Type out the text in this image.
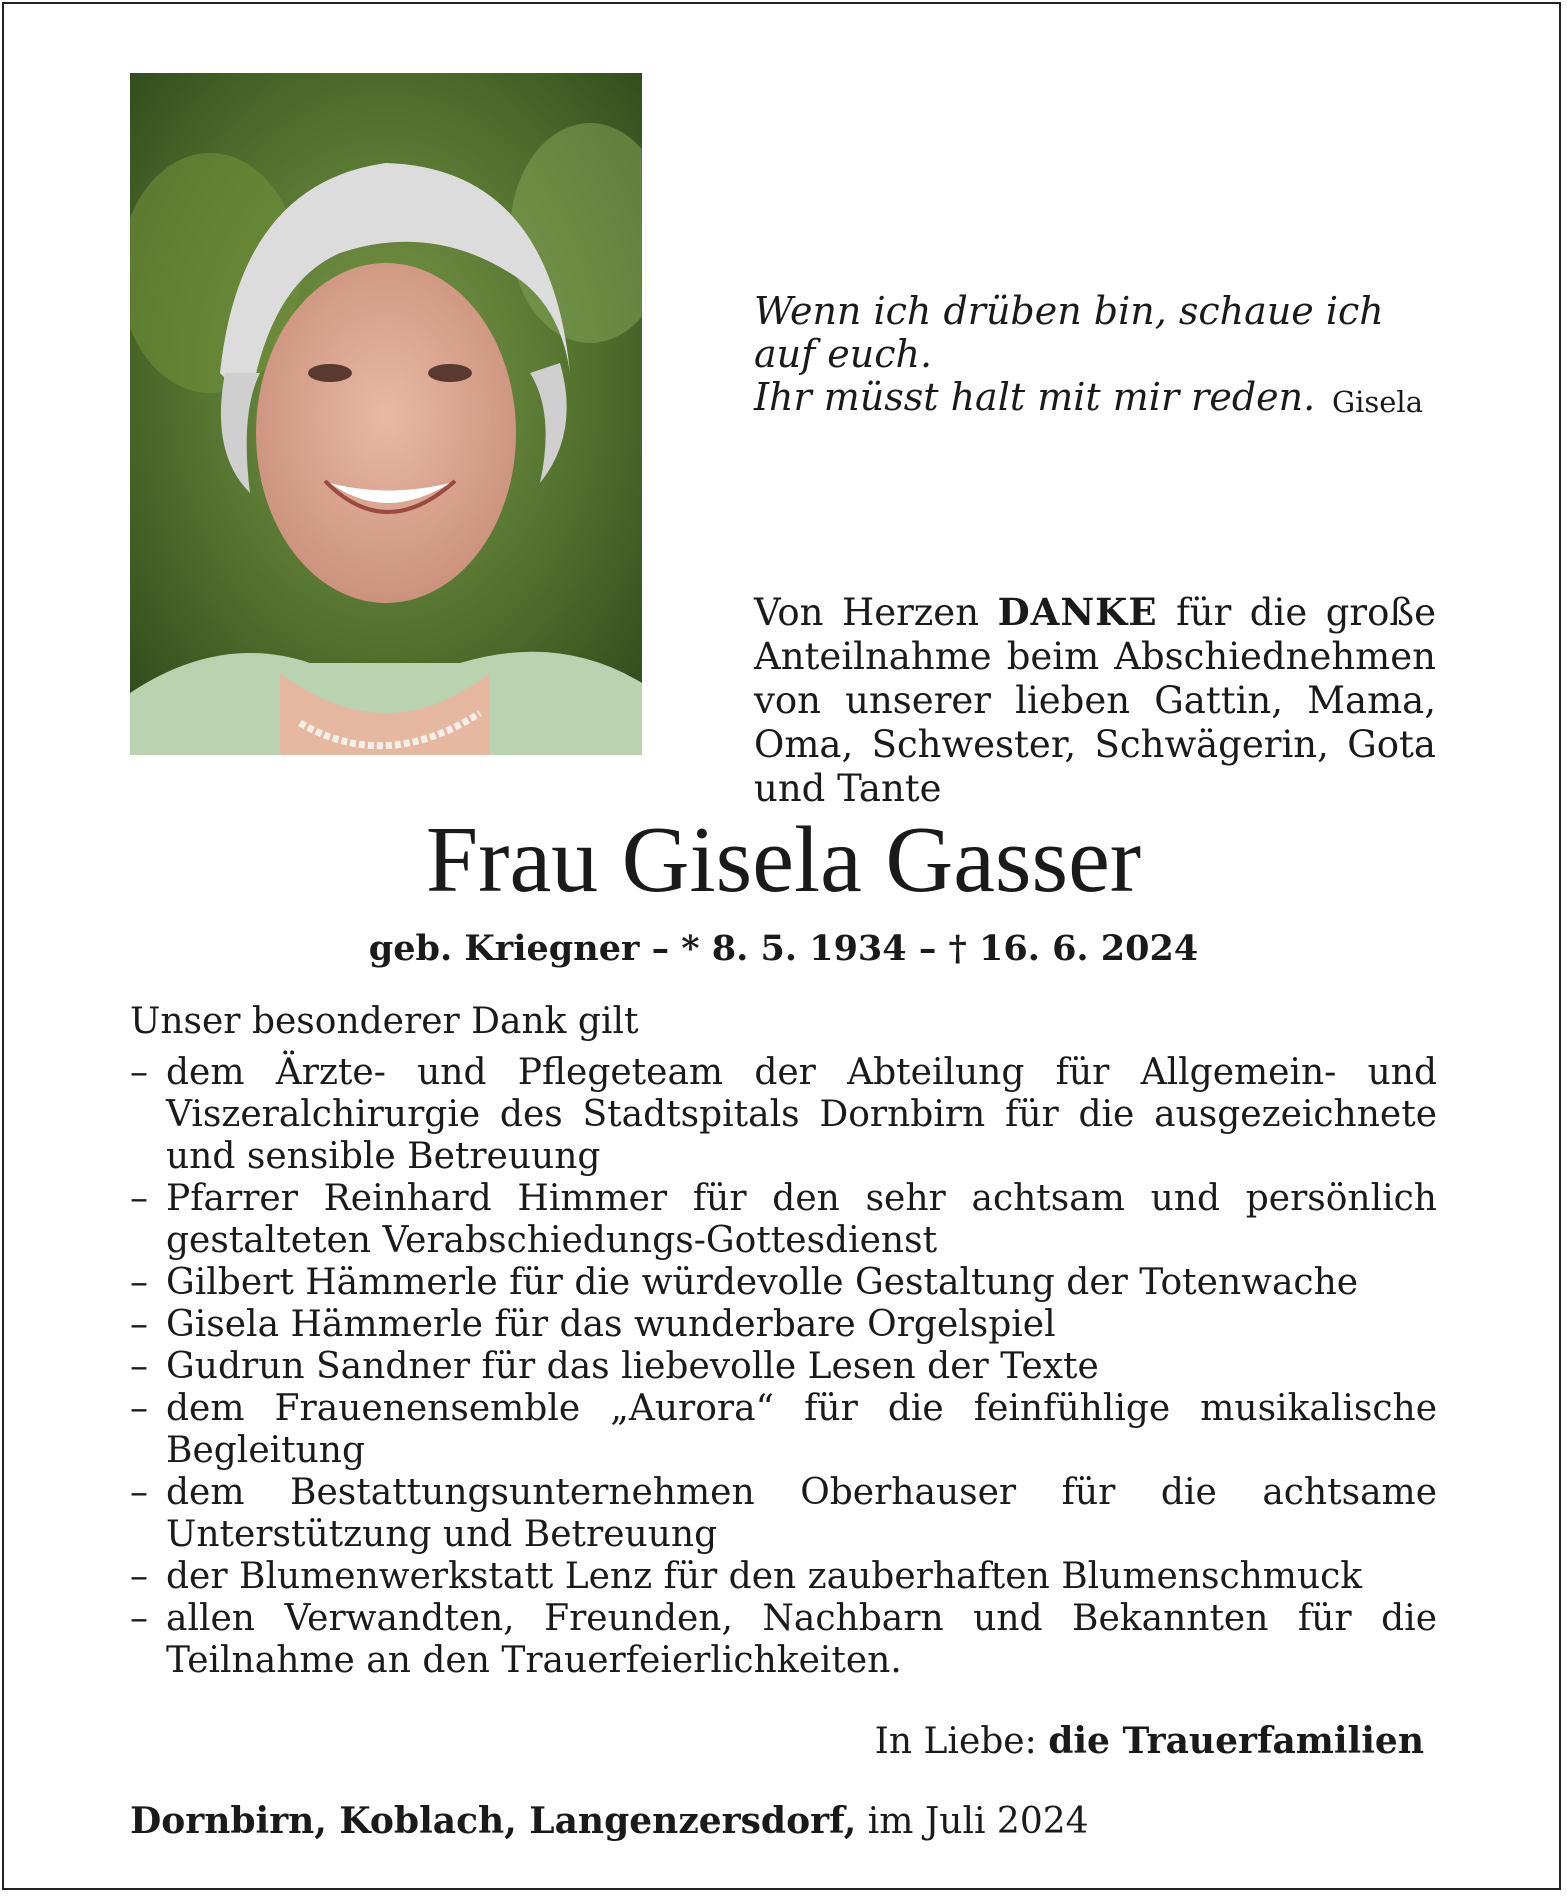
Wenn ich drüben bin, schaue ich auf euch.
Ihr müsst halt mit mir reden. Gisela
Von Herzen DANKE für die große Anteilnahme beim Abschiednehmen von unserer lieben Gattin, Mama, Oma, Schwester, Schwägerin, Gota und Tante
Frau Gisela Gasser
geb. Kriegner – * 8. 5. 1934 – † 16. 6. 2024
Unser besonderer Dank gilt
– dem Ärzte- und Pflegeteam der Abteilung für Allgemein- und Viszeralchirurgie des Stadtspitals Dornbirn für die ausgezeichnete und sensible Betreuung
– Pfarrer Reinhard Himmer für den sehr achtsam und persönlich gestalteten Verabschiedungs-Gottesdienst
– Gilbert Hämmerle für die würdevolle Gestaltung der Totenwache
– Gisela Hämmerle für das wunderbare Orgelspiel
– Gudrun Sandner für das liebevolle Lesen der Texte
– dem Frauenensemble „Aurora“ für die feinfühlige musikalische Begleitung
– dem Bestattungsunternehmen Oberhauser für die achtsame Unterstützung und Betreuung
– der Blumenwerkstatt Lenz für den zauberhaften Blumenschmuck
– allen Verwandten, Freunden, Nachbarn und Bekannten für die Teilnahme an den Trauerfeierlichkeiten.
In Liebe: die Trauerfamilien
Dornbirn, Koblach, Langenzersdorf, im Juli 2024
